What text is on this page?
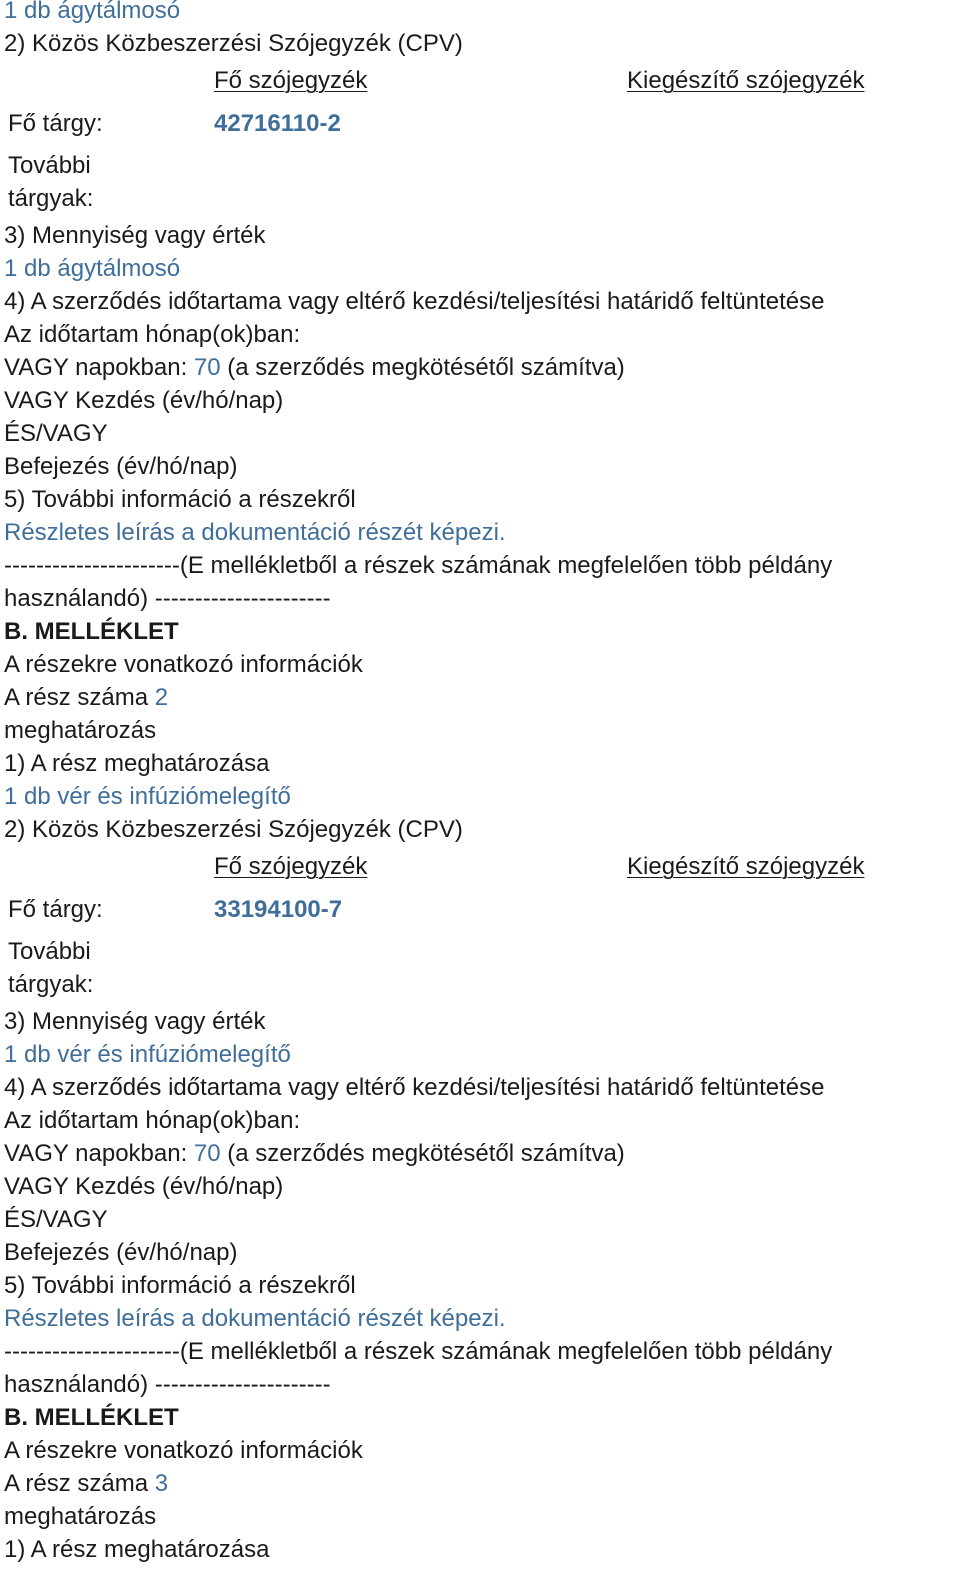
1 db ágytálmosó
2) Közös Közbeszerzési Szójegyzék (CPV)
Fő szójegyzék	Kiegészítő szójegyzék
Fő tárgy:	42716110-2
További
tárgyak:
3) Mennyiség vagy érték
1 db ágytálmosó
4) A szerződés időtartama vagy eltérő kezdési/teljesítési határidő feltüntetése
Az időtartam hónap(ok)ban:
VAGY napokban: 70 (a szerződés megkötésétől számítva)
VAGY Kezdés (év/hó/nap)
ÉS/VAGY
Befejezés (év/hó/nap)
5) További információ a részekről
Részletes leírás a dokumentáció részét képezi.
----------------------(E mellékletből a részek számának megfelelően több példány
használandó) ----------------------
B. MELLÉKLET
A részekre vonatkozó információk
A rész száma 2
meghatározás
1) A rész meghatározása
1 db vér és infúziómelegítő
2) Közös Közbeszerzési Szójegyzék (CPV)
Fő szójegyzék	Kiegészítő szójegyzék
Fő tárgy:	33194100-7
További
tárgyak:
3) Mennyiség vagy érték
1 db vér és infúziómelegítő
4) A szerződés időtartama vagy eltérő kezdési/teljesítési határidő feltüntetése
Az időtartam hónap(ok)ban:
VAGY napokban: 70 (a szerződés megkötésétől számítva)
VAGY Kezdés (év/hó/nap)
ÉS/VAGY
Befejezés (év/hó/nap)
5) További információ a részekről
Részletes leírás a dokumentáció részét képezi.
----------------------(E mellékletből a részek számának megfelelően több példány
használandó) ----------------------
B. MELLÉKLET
A részekre vonatkozó információk
A rész száma 3
meghatározás
1) A rész meghatározása
